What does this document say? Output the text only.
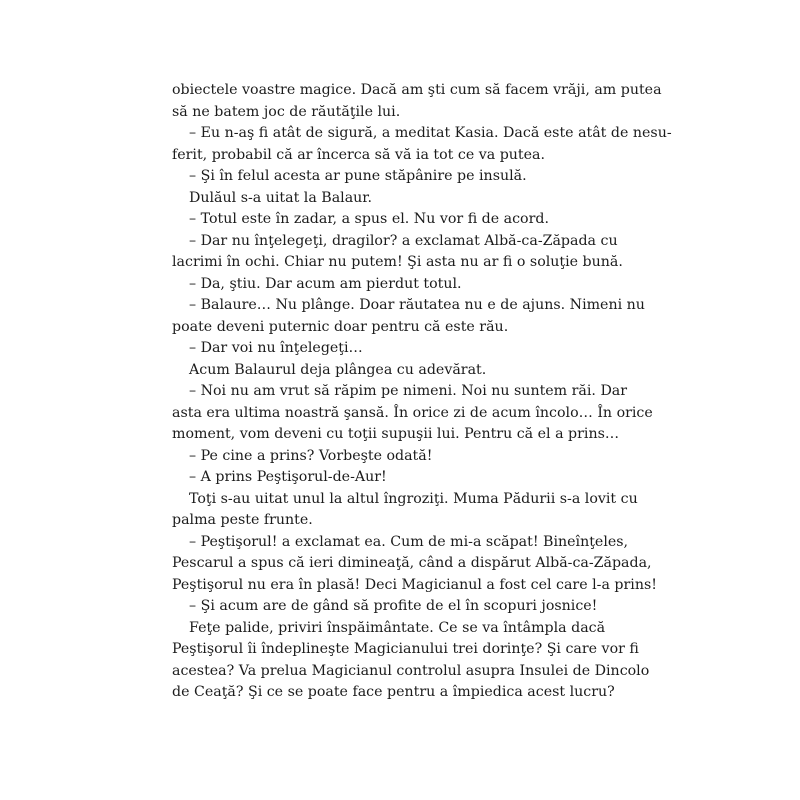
obiectele voastre magice. Dacă am şti cum să facem vrăji, am putea
să ne batem joc de răutăţile lui.
– Eu n-aş fi atât de sigură, a meditat Kasia. Dacă este atât de nesu-
ferit, probabil că ar încerca să vă ia tot ce va putea.
– Şi în felul acesta ar pune stăpânire pe insulă.
Dulăul s-a uitat la Balaur.
– Totul este în zadar, a spus el. Nu vor fi de acord.
– Dar nu înţelegeţi, dragilor? a exclamat Albă-ca-Zăpada cu
lacrimi în ochi. Chiar nu putem! Şi asta nu ar fi o soluţie bună.
– Da, ştiu. Dar acum am pierdut totul.
– Balaure… Nu plânge. Doar răutatea nu e de ajuns. Nimeni nu
poate deveni puternic doar pentru că este rău.
– Dar voi nu înţelegeţi…
Acum Balaurul deja plângea cu adevărat.
– Noi nu am vrut să răpim pe nimeni. Noi nu suntem răi. Dar
asta era ultima noastră şansă. În orice zi de acum încolo… În orice
moment, vom deveni cu toţii supuşii lui. Pentru că el a prins…
– Pe cine a prins? Vorbeşte odată!
– A prins Peştişorul-de-Aur!
Toţi s-au uitat unul la altul îngroziţi. Muma Pădurii s-a lovit cu
palma peste frunte.
– Peştişorul! a exclamat ea. Cum de mi-a scăpat! Bineînţeles,
Pescarul a spus că ieri dimineaţă, când a dispărut Albă-ca-Zăpada,
Peştişorul nu era în plasă! Deci Magicianul a fost cel care l-a prins!
– Şi acum are de gând să profite de el în scopuri josnice!
Feţe palide, priviri înspăimântate. Ce se va întâmpla dacă
Peştişorul îi îndeplineşte Magicianului trei dorinţe? Şi care vor fi
acestea? Va prelua Magicianul controlul asupra Insulei de Dincolo
de Ceaţă? Şi ce se poate face pentru a împiedica acest lucru?
